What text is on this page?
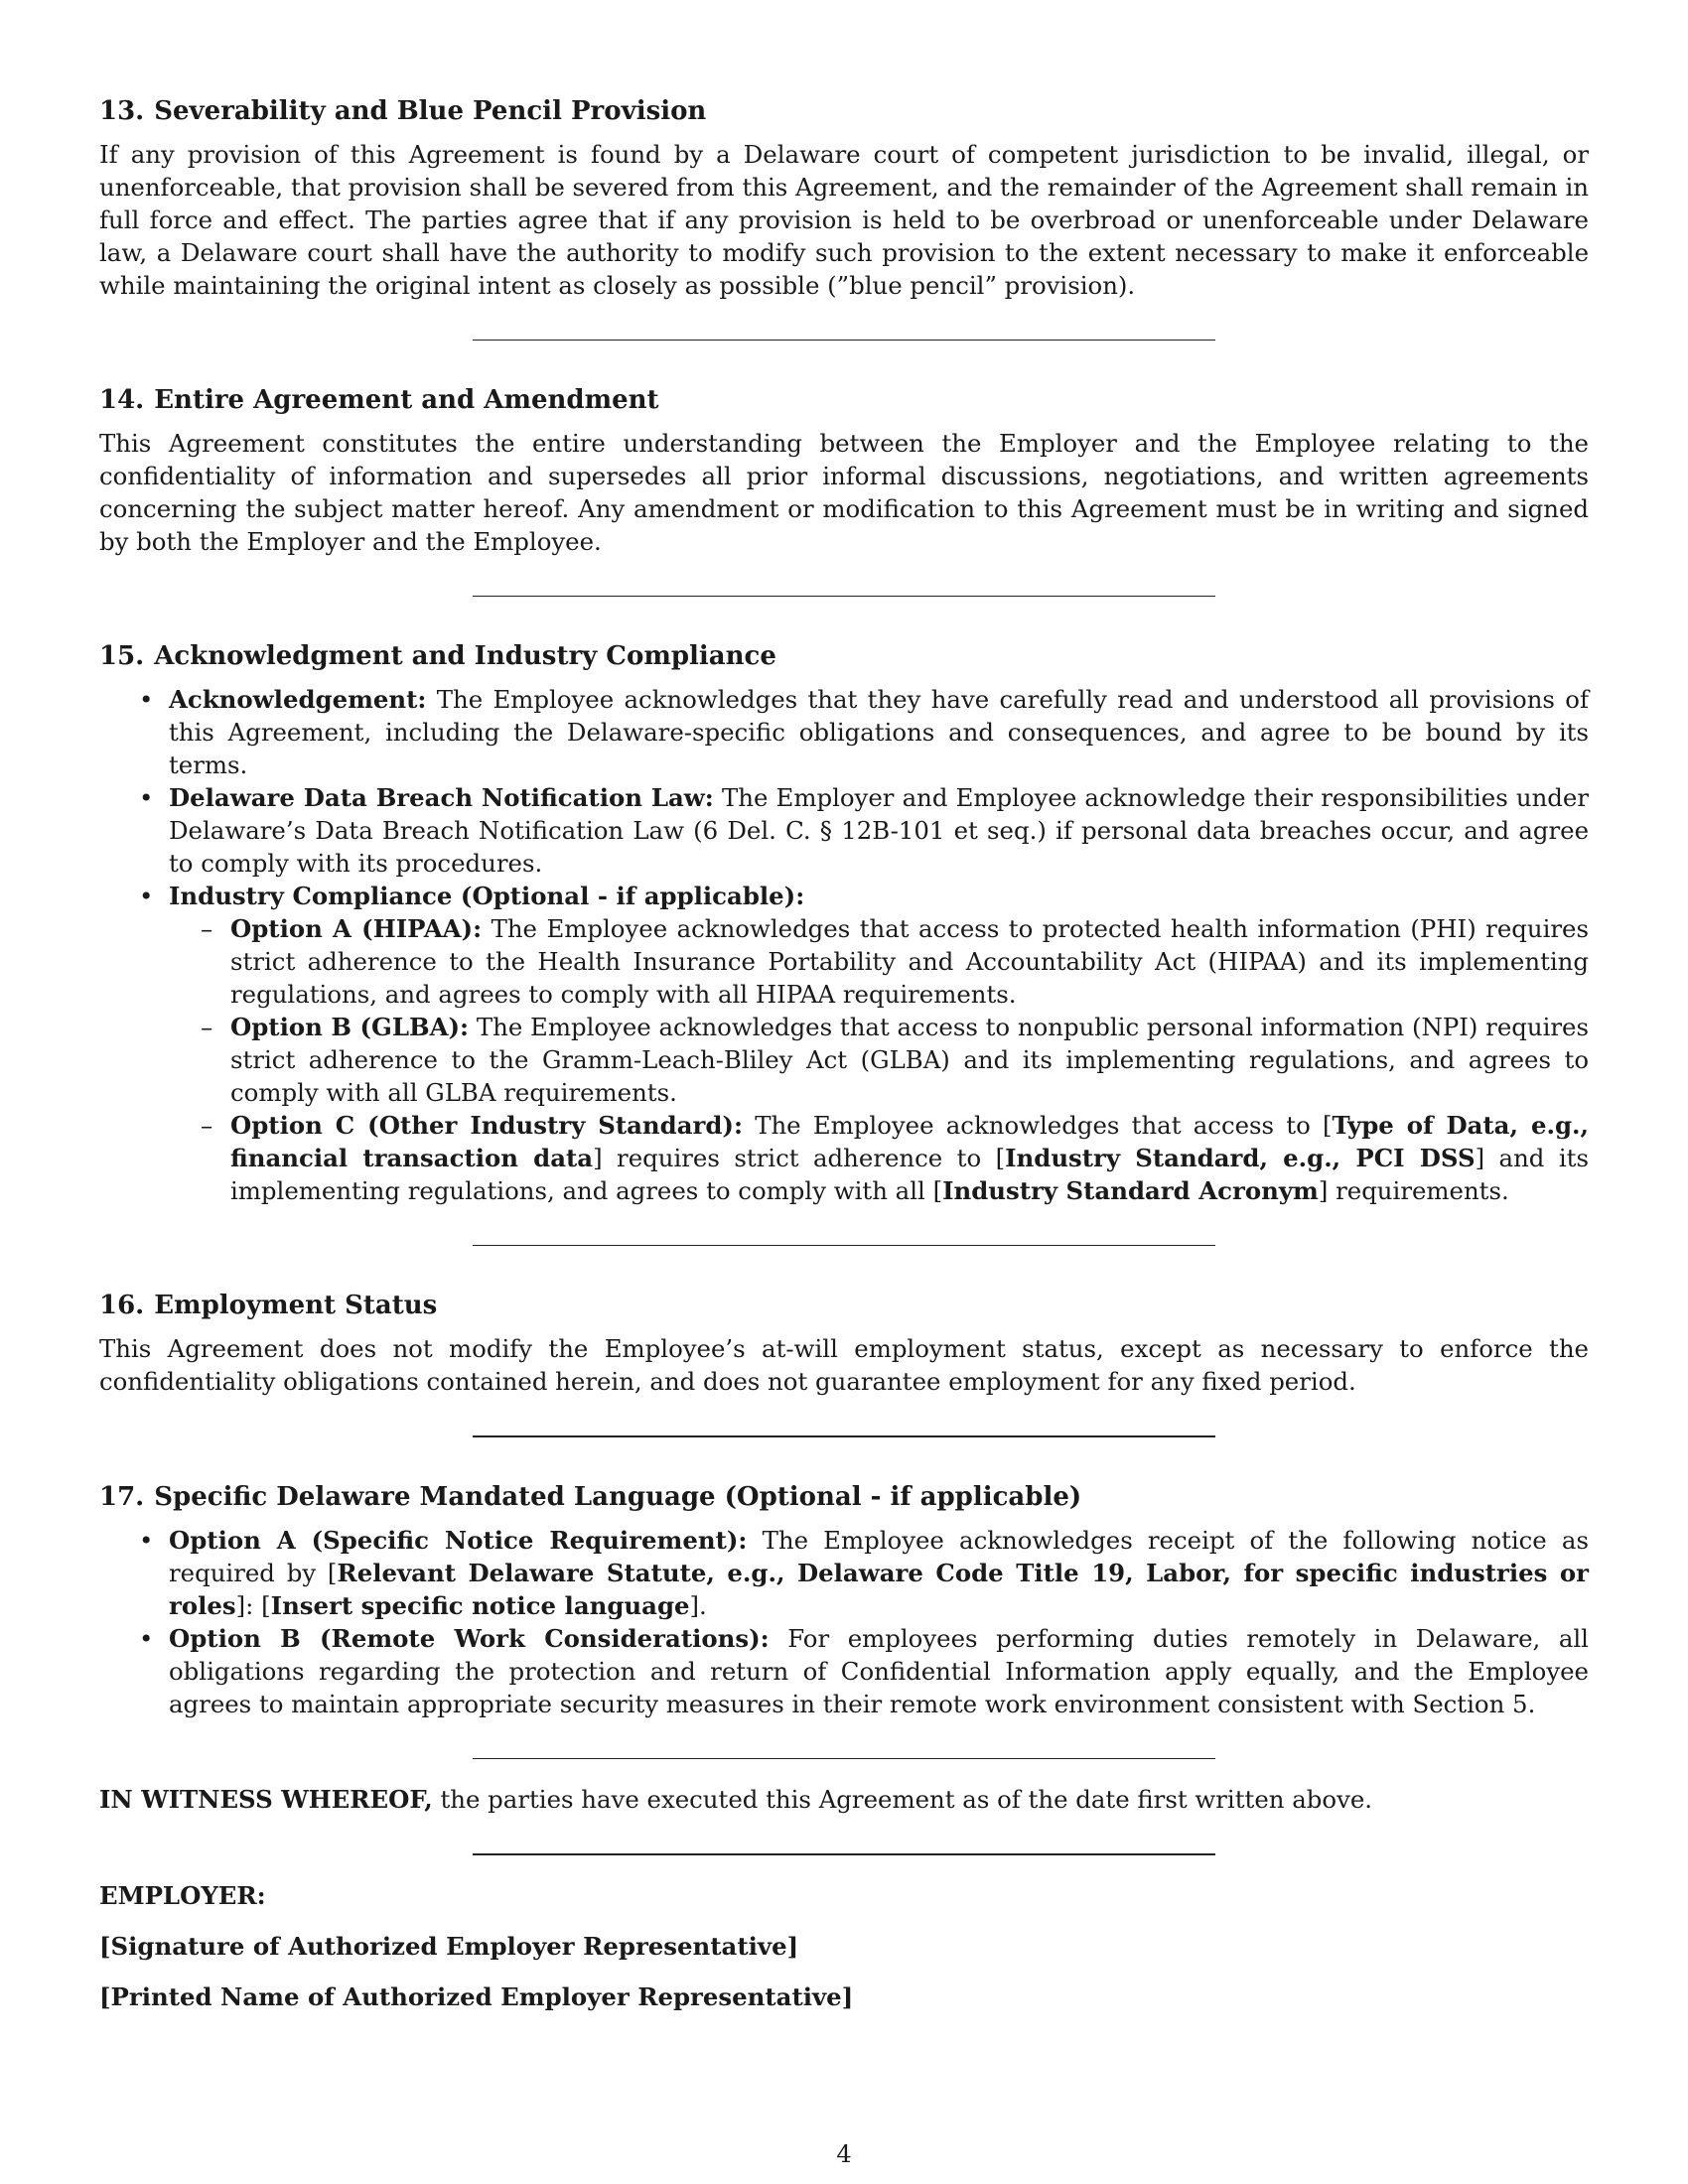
13. Severability and Blue Pencil Provision

If any provision of this Agreement is found by a Delaware court of competent jurisdiction to be invalid, illegal, or unenforceable, that provision shall be severed from this Agreement, and the remainder of the Agreement shall remain in full force and effect. The parties agree that if any provision is held to be overbroad or unenforceable under Delaware law, a Delaware court shall have the authority to modify such provision to the extent necessary to make it enforceable while maintaining the original intent as closely as possible (”blue pencil” provision).

14. Entire Agreement and Amendment

This Agreement constitutes the entire understanding between the Employer and the Employee relating to the confidentiality of information and supersedes all prior informal discussions, negotiations, and written agreements concerning the subject matter hereof. Any amendment or modification to this Agreement must be in writing and signed by both the Employer and the Employee.

15. Acknowledgment and Industry Compliance
• Acknowledgement: The Employee acknowledges that they have carefully read and understood all provisions of this Agreement, including the Delaware-specific obligations and consequences, and agree to be bound by its terms.
• Delaware Data Breach Notification Law: The Employer and Employee acknowledge their responsibilities under Delaware’s Data Breach Notification Law (6 Del. C. § 12B-101 et seq.) if personal data breaches occur, and agree to comply with its procedures.
• Industry Compliance (Optional - if applicable):
– Option A (HIPAA): The Employee acknowledges that access to protected health information (PHI) requires strict adherence to the Health Insurance Portability and Accountability Act (HIPAA) and its implementing regulations, and agrees to comply with all HIPAA requirements.
– Option B (GLBA): The Employee acknowledges that access to nonpublic personal information (NPI) requires strict adherence to the Gramm-Leach-Bliley Act (GLBA) and its implementing regulations, and agrees to comply with all GLBA requirements.
– Option C (Other Industry Standard): The Employee acknowledges that access to [Type of Data, e.g., financial transaction data] requires strict adherence to [Industry Standard, e.g., PCI DSS] and its implementing regulations, and agrees to comply with all [Industry Standard Acronym] requirements.
16. Employment Status

This Agreement does not modify the Employee’s at-will employment status, except as necessary to enforce the confidentiality obligations contained herein, and does not guarantee employment for any fixed period.

17. Specific Delaware Mandated Language (Optional - if applicable)
• Option A (Specific Notice Requirement): The Employee acknowledges receipt of the following notice as required by [Relevant Delaware Statute, e.g., Delaware Code Title 19, Labor, for specific industries or roles]: [Insert specific notice language].
• Option B (Remote Work Considerations): For employees performing duties remotely in Delaware, all obligations regarding the protection and return of Confidential Information apply equally, and the Employee agrees to maintain appropriate security measures in their remote work environment consistent with Section 5.

IN WITNESS WHEREOF, the parties have executed this Agreement as of the date first written above.

EMPLOYER:

[Signature of Authorized Employer Representative]

[Printed Name of Authorized Employer Representative]

4
